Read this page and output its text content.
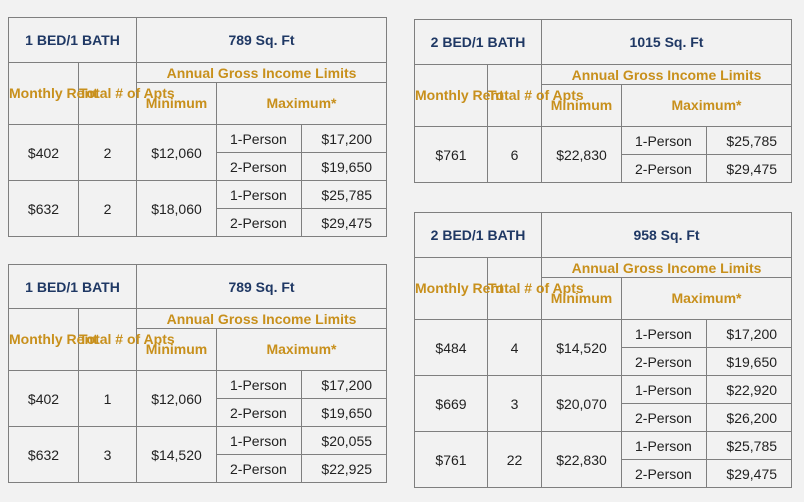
1 BED/1 BATH		789 Sq. Ft		
Monthly Rent	Total # of Apts	Annual Gross Income Limits		
		Minimum	Maximum*	
$402	2	$12,060	1-Person	$17,200
			2-Person	$19,650
$632	2	$18,060	1-Person	$25,785
			2-Person	$29,475
1 BED/1 BATH		789 Sq. Ft		
Monthly Rent	Total # of Apts	Annual Gross Income Limits		
		Minimum	Maximum*	
$402	1	$12,060	1-Person	$17,200
			2-Person	$19,650
$632	3	$14,520	1-Person	$20,055
			2-Person	$22,925
2 BED/1 BATH		1015 Sq. Ft		
Monthly Rent	Total # of Apts	Annual Gross Income Limits		
		Minimum	Maximum*	
$761	6	$22,830	1-Person	$25,785
			2-Person	$29,475
2 BED/1 BATH		958 Sq. Ft		
Monthly Rent	Total # of Apts	Annual Gross Income Limits		
		Minimum	Maximum*	
$484	4	$14,520	1-Person	$17,200
			2-Person	$19,650
$669	3	$20,070	1-Person	$22,920
			2-Person	$26,200
$761	22	$22,830	1-Person	$25,785
			2-Person	$29,475
